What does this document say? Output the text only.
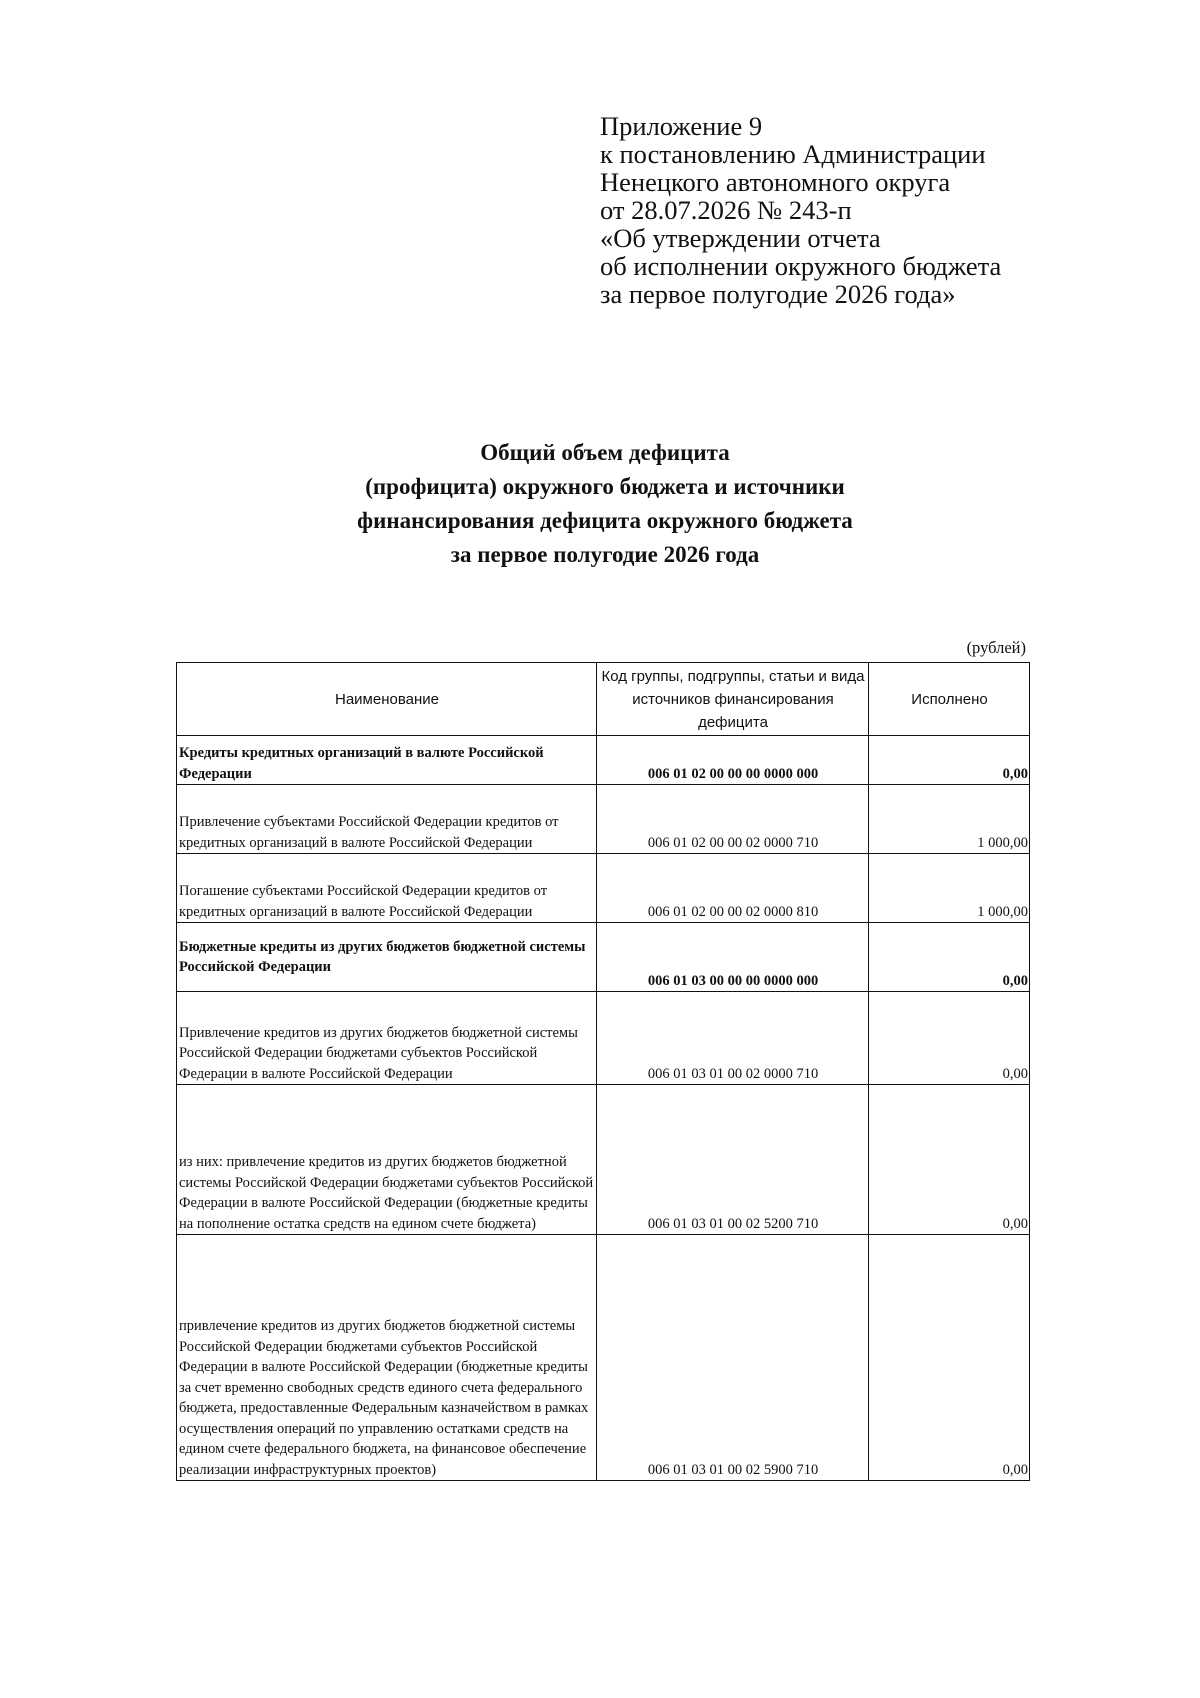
Приложение 9
к постановлению Администрации
Ненецкого автономного округа
от 28.07.2026 № 243-п
«Об утверждении отчета
об исполнении окружного бюджета
за первое полугодие 2026 года»
Общий объем дефицита
(профицита) окружного бюджета и источники
финансирования дефицита окружного бюджета
за первое полугодие 2026 года
(рублей)
Наименование	Код группы, подгруппы, статьи и вида источников финансирования дефицита	Исполнено
Кредиты кредитных организаций в валюте Российской Федерации	006 01 02 00 00 00 0000 000	0,00
Привлечение субъектами Российской Федерации кредитов от кредитных организаций в валюте Российской Федерации	006 01 02 00 00 02 0000 710	1 000,00
Погашение субъектами Российской Федерации кредитов от кредитных организаций в валюте Российской Федерации	006 01 02 00 00 02 0000 810	1 000,00
Бюджетные кредиты из других бюджетов бюджетной системы Российской Федерации	006 01 03 00 00 00 0000 000	0,00
Привлечение кредитов из других бюджетов бюджетной системы Российской Федерации бюджетами субъектов Российской Федерации в валюте Российской Федерации	006 01 03 01 00 02 0000 710	0,00
из них: привлечение кредитов из других бюджетов бюджетной системы Российской Федерации бюджетами субъектов Российской Федерации в валюте Российской Федерации (бюджетные кредиты на пополнение остатка средств на едином счете бюджета)	006 01 03 01 00 02 5200 710	0,00
привлечение кредитов из других бюджетов бюджетной системы Российской Федерации бюджетами субъектов Российской Федерации в валюте Российской Федерации (бюджетные кредиты за счет временно свободных средств единого счета федерального бюджета, предоставленные Федеральным казначейством в рамках осуществления операций по управлению остатками средств на едином счете федерального бюджета, на финансовое обеспечение реализации инфраструктурных проектов)	006 01 03 01 00 02 5900 710	0,00
